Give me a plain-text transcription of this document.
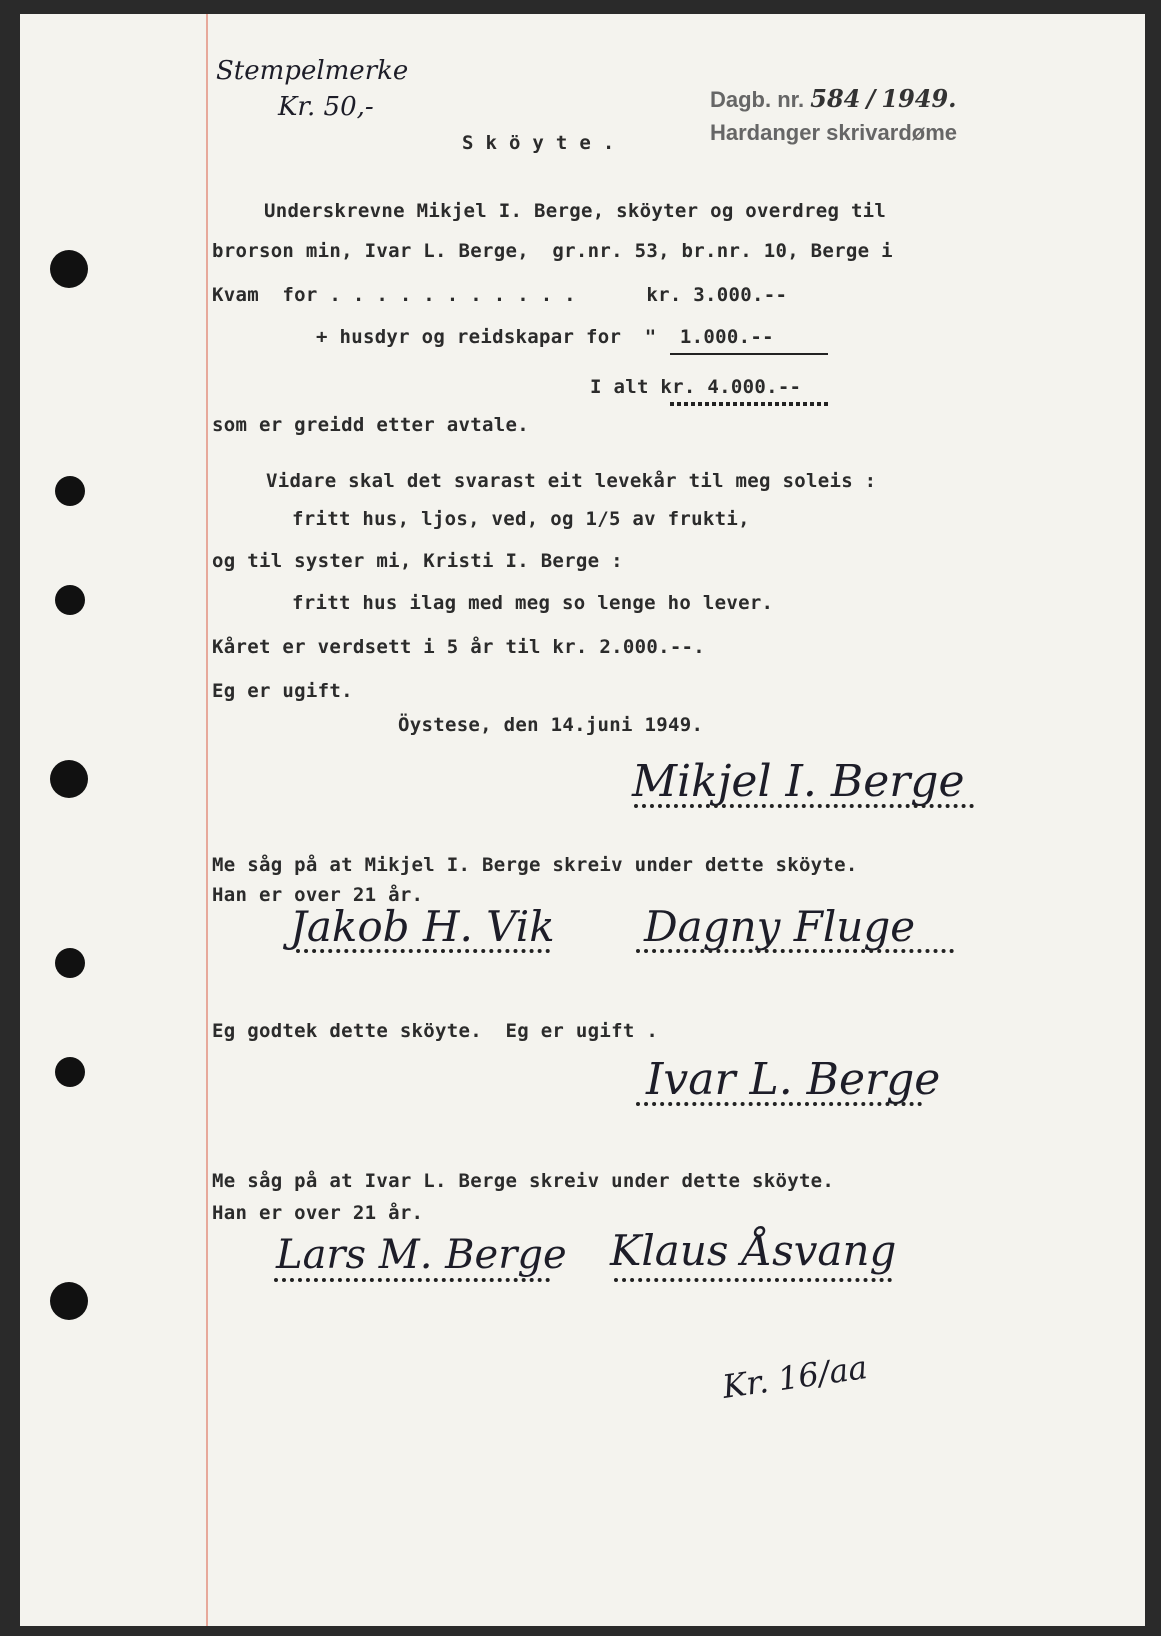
Stempelmerke
Kr. 50,-	Dagb. nr. 584 / 1949.
Hardanger skrivardøme
S k ö y t e .
Underskrevne Mikjel I. Berge, sköyter og overdreg til
brorson min, Ivar L. Berge,  gr.nr. 53, br.nr. 10, Berge i
Kvam  for . . . . . . . . . . .      kr. 3.000.--
+ husdyr og reidskapar for  "  1.000.--
I alt kr. 4.000.--
som er greidd etter avtale.
Vidare skal det svarast eit levekår til meg soleis :
fritt hus, ljos, ved, og 1/5 av frukti,
og til syster mi, Kristi I. Berge :
fritt hus ilag med meg so lenge ho lever.
Kåret er verdsett i 5 år til kr. 2.000.--.
Eg er ugift.
Öystese, den 14.juni 1949.
Mikjel I. Berge
Me såg på at Mikjel I. Berge skreiv under dette sköyte.
Han er over 21 år.
Jakob H. Vik Dagny Fluge
Eg godtek dette sköyte.  Eg er ugift .
Ivar L. Berge
Me såg på at Ivar L. Berge skreiv under dette sköyte.
Han er over 21 år.
Lars M. Berge Klaus Åsvang
Kr. 16/aa
